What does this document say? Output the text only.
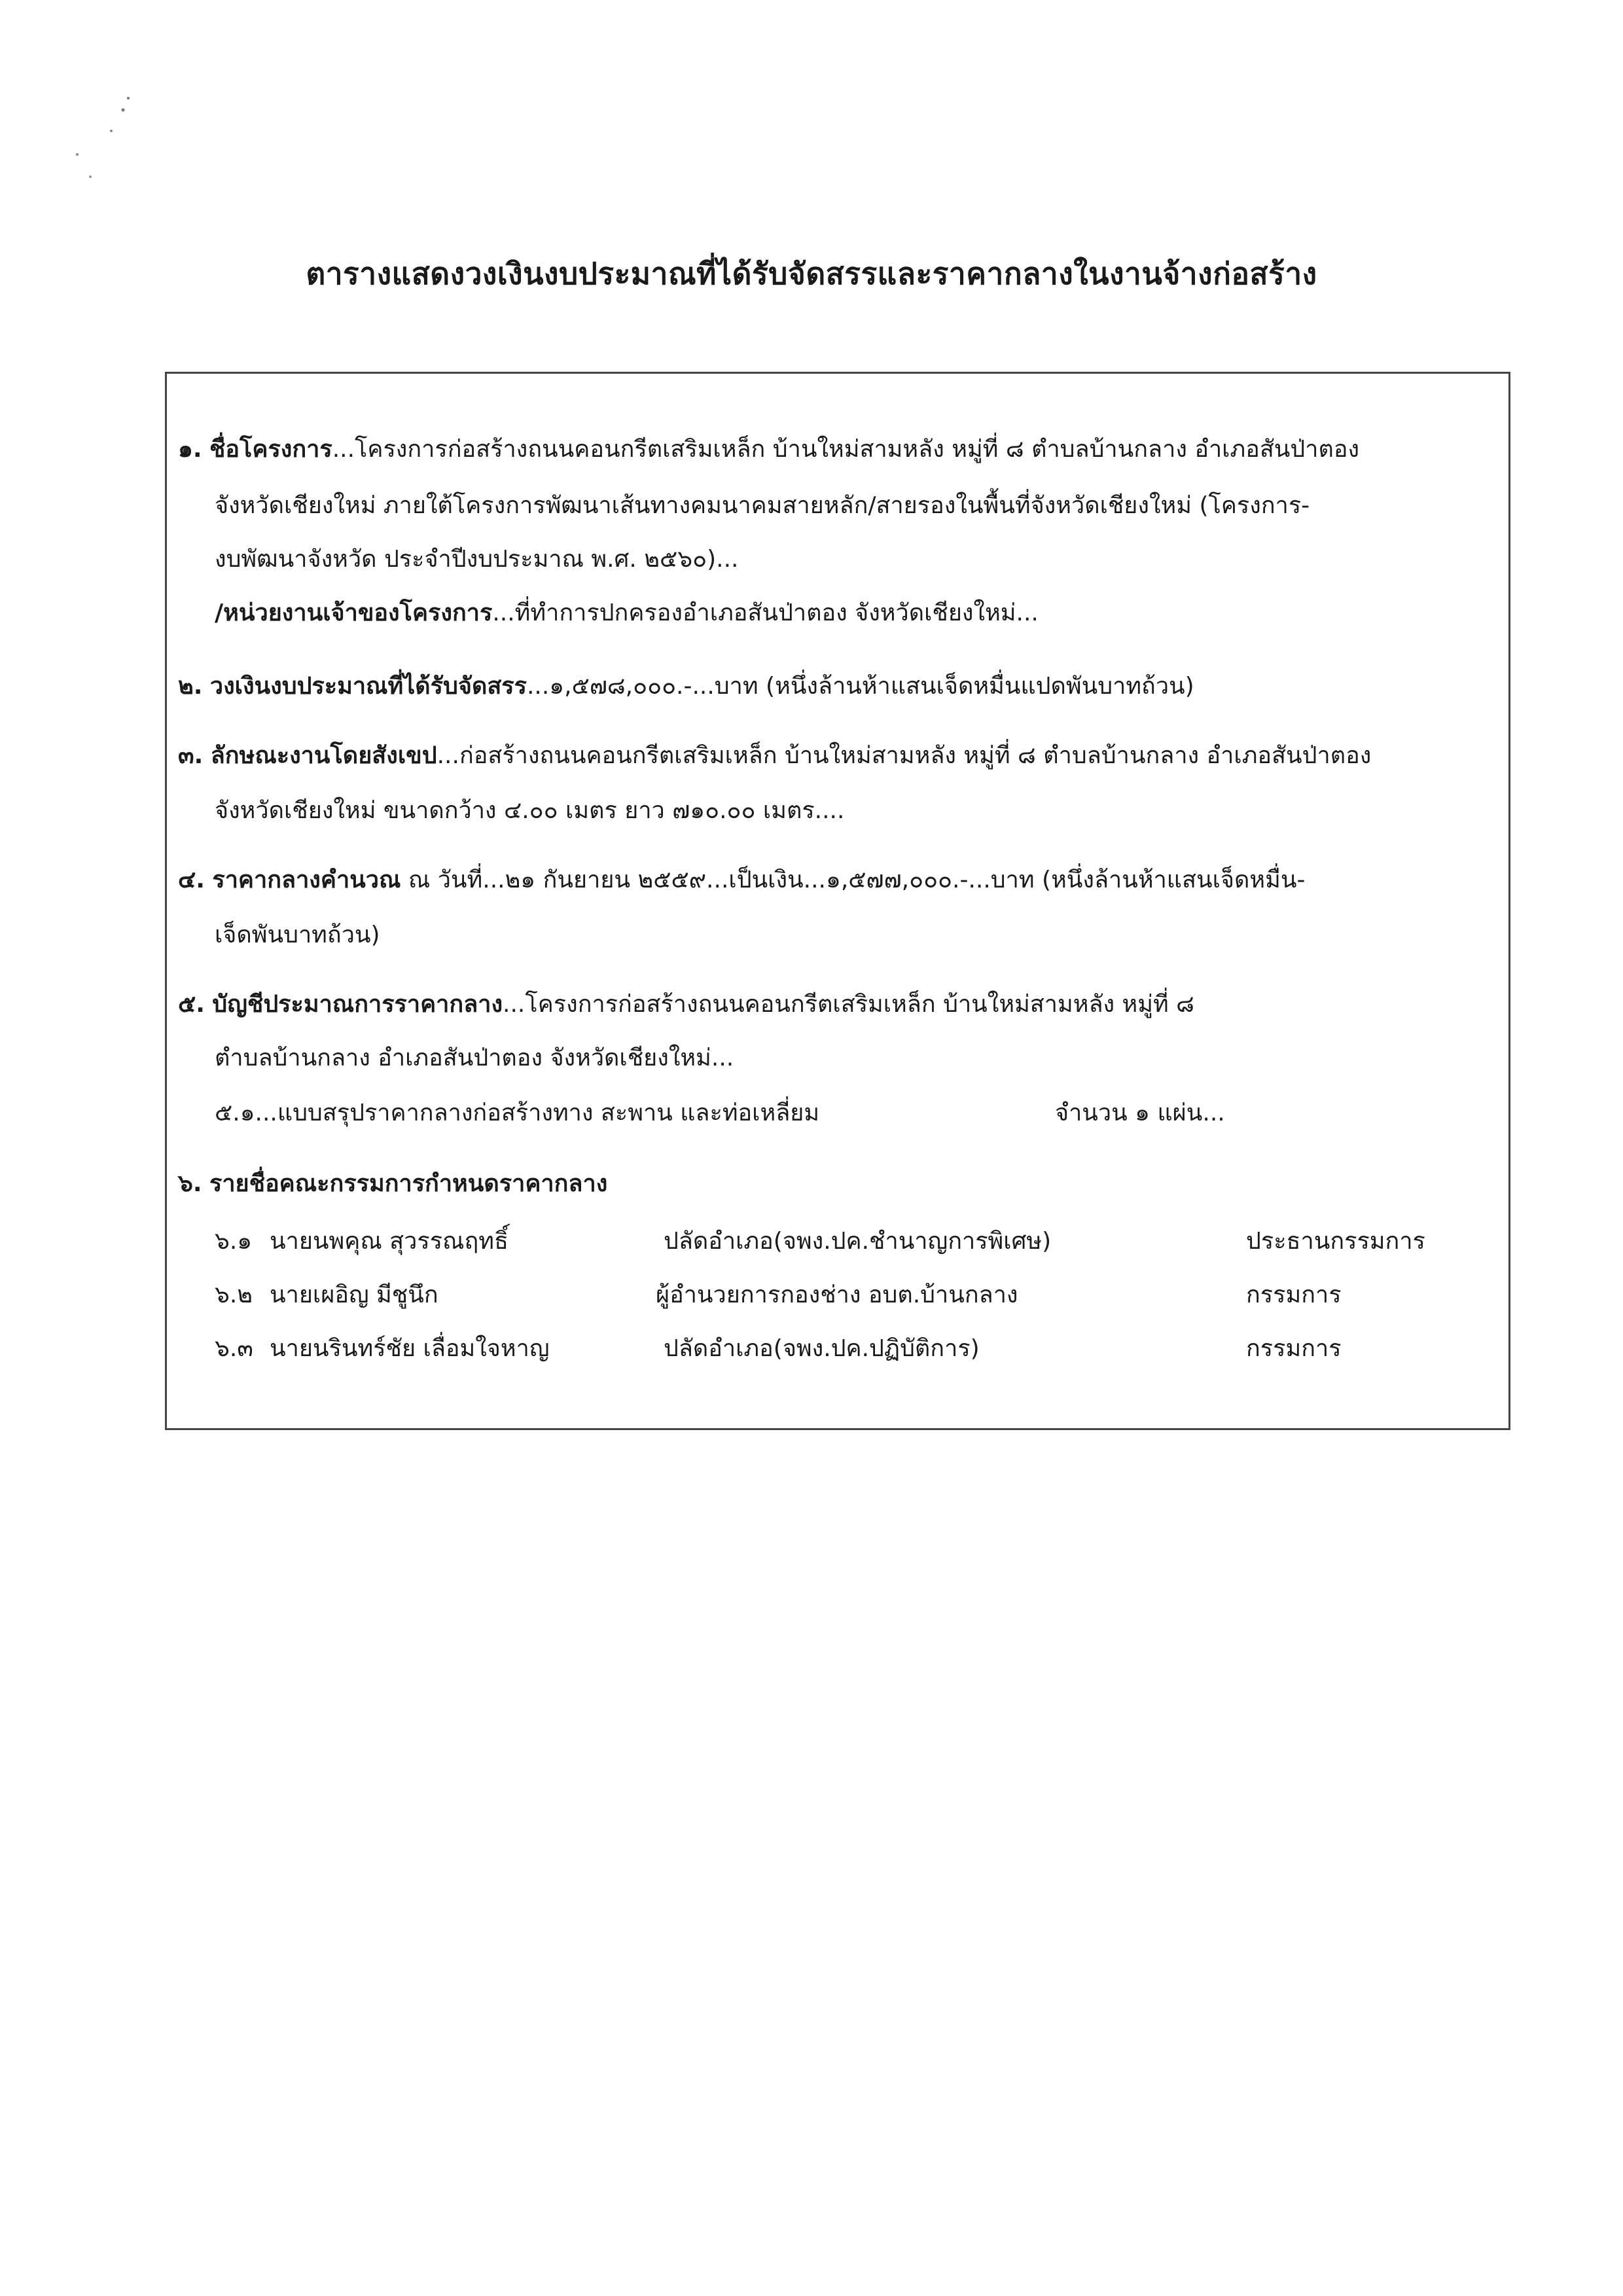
ตารางแสดงวงเงินงบประมาณที่ได้รับจัดสรรและราคากลางในงานจ้างก่อสร้าง
๑. ชื่อโครงการ...โครงการก่อสร้างถนนคอนกรีตเสริมเหล็ก บ้านใหม่สามหลัง หมู่ที่ ๘ ตำบลบ้านกลาง อำเภอสันป่าตอง
จังหวัดเชียงใหม่ ภายใต้โครงการพัฒนาเส้นทางคมนาคมสายหลัก/สายรองในพื้นที่จังหวัดเชียงใหม่ (โครงการ-
งบพัฒนาจังหวัด ประจำปีงบประมาณ พ.ศ. ๒๕๖๐)...
/หน่วยงานเจ้าของโครงการ...ที่ทำการปกครองอำเภอสันป่าตอง จังหวัดเชียงใหม่...
๒. วงเงินงบประมาณที่ได้รับจัดสรร...๑,๕๗๘,๐๐๐.-...บาท (หนึ่งล้านห้าแสนเจ็ดหมื่นแปดพันบาทถ้วน)
๓. ลักษณะงานโดยสังเขป...ก่อสร้างถนนคอนกรีตเสริมเหล็ก บ้านใหม่สามหลัง หมู่ที่ ๘ ตำบลบ้านกลาง อำเภอสันป่าตอง
จังหวัดเชียงใหม่ ขนาดกว้าง ๔.๐๐ เมตร ยาว ๗๑๐.๐๐ เมตร....
๔. ราคากลางคำนวณ ณ วันที่...๒๑ กันยายน ๒๕๕๙...เป็นเงิน...๑,๕๗๗,๐๐๐.-...บาท (หนึ่งล้านห้าแสนเจ็ดหมื่น-
เจ็ดพันบาทถ้วน)
๕. บัญชีประมาณการราคากลาง...โครงการก่อสร้างถนนคอนกรีตเสริมเหล็ก บ้านใหม่สามหลัง หมู่ที่ ๘
ตำบลบ้านกลาง อำเภอสันป่าตอง จังหวัดเชียงใหม่...
๕.๑...แบบสรุปราคากลางก่อสร้างทาง สะพาน และท่อเหลี่ยม	จำนวน ๑ แผ่น...
๖. รายชื่อคณะกรรมการกำหนดราคากลาง
๖.๑ นายนพคุณ สุวรรณฤทธิ์	ปลัดอำเภอ(จพง.ปค.ชำนาญการพิเศษ)	ประธานกรรมการ
๖.๒ นายเผอิญ มีชูนึก	ผู้อำนวยการกองช่าง อบต.บ้านกลาง	กรรมการ
๖.๓ นายนรินทร์ชัย เลื่อมใจหาญ	ปลัดอำเภอ(จพง.ปค.ปฏิบัติการ)	กรรมการ
